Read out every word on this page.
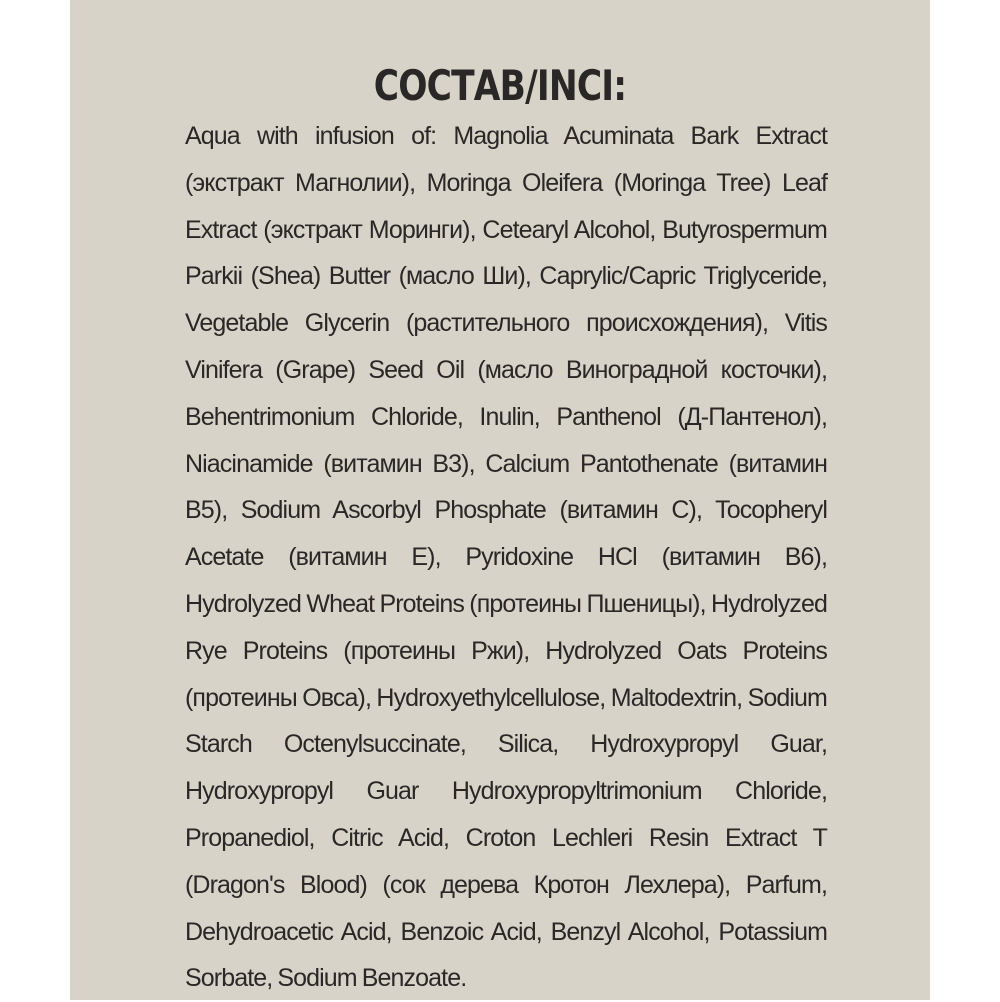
СОСТАВ/INCI:

Aqua with infusion of: Magnolia Acuminata Bark Extract (экстракт Магнолии), Moringa Oleifera (Moringa Tree) Leaf Extract (экстракт Моринги), Cetearyl Alcohol, Butyrospermum Parkii (Shea) Butter (масло Ши), Caprylic/Capric Triglyceride, Vegetable Glycerin (растительного происхождения), Vitis Vinifera (Grape) Seed Oil (масло Виноградной косточки), Behentrimonium Chloride, Inulin, Panthenol (Д-Пантенол), Niacinamide (витамин В3), Calcium Pantothenate (витамин В5), Sodium Ascorbyl Phosphate (витамин С), Tocopheryl Acetate (витамин Е), Pyridoxine HCl (витамин В6), Hydrolyzed Wheat Proteins (протеины Пшеницы), Hydrolyzed Rye Proteins (протеины Ржи), Hydrolyzed Oats Proteins (протеины Овса), Hydroxyethylcellulose, Maltodextrin, Sodium Starch Octenylsuccinate, Silica, Hydroxypropyl Guar, Hydroxypropyl Guar Hydroxypropyltrimonium Chloride, Propanediol, Citric Acid, Croton Lechleri Resin Extract T (Dragon's Blood) (сок дерева Кротон Лехлера), Parfum, Dehydroacetic Acid, Benzoic Acid, Benzyl Alcohol, Potassium Sorbate, Sodium Benzoate.
